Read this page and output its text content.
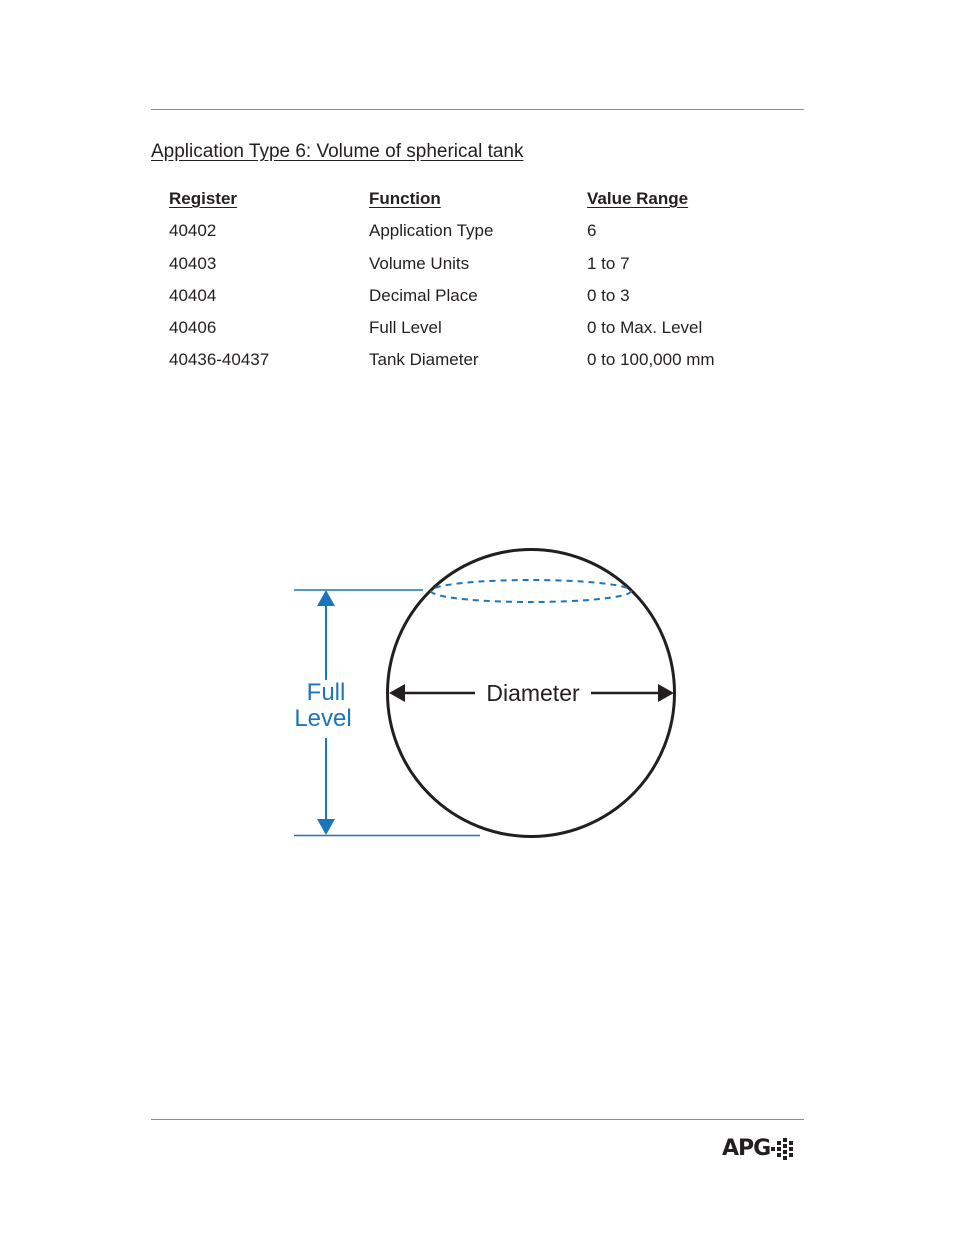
Application Type 6: Volume of spherical tank
Register	Function	Value Range
40402	Application Type	6
40403	Volume Units	1 to 7
40404	Decimal Place	0 to 3
40406	Full Level	0 to Max. Level
40436-40437	Tank Diameter	0 to 100,000 mm
Full
Level
Diameter
APG
